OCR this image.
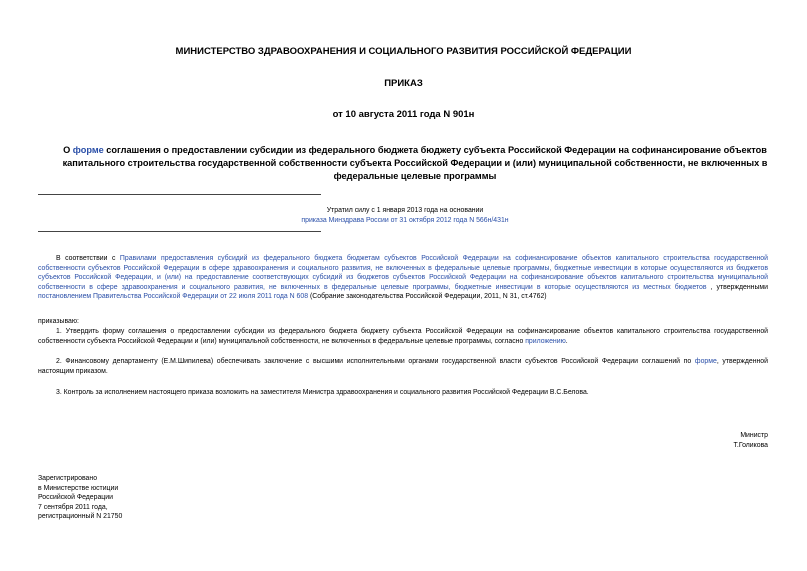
МИНИСТЕРСТВО ЗДРАВООХРАНЕНИЯ И СОЦИАЛЬНОГО РАЗВИТИЯ РОССИЙСКОЙ ФЕДЕРАЦИИ
ПРИКАЗ
от 10 августа 2011 года N 901н
О форме соглашения о предоставлении субсидии из федерального бюджета бюджету субъекта Российской Федерации на софинансирование объектов капитального строительства государственной собственности субъекта Российской Федерации и (или) муниципальной собственности, не включенных в федеральные целевые программы
Утратил силу с 1 января 2013 года на основании
приказа Минздрава России от 31 октября 2012 года N 566н/431н
В соответствии с Правилами предоставления субсидий из федерального бюджета бюджетам субъектов Российской Федерации на софинансирование объектов капитального строительства государственной собственности субъектов Российской Федерации в сфере здравоохранения и социального развития, не включенных в федеральные целевые программы, бюджетные инвестиции в которые осуществляются из бюджетов субъектов Российской Федерации, и (или) на предоставление соответствующих субсидий из бюджетов субъектов Российской Федерации на софинансирование объектов капитального строительства муниципальной собственности в сфере здравоохранения и социального развития, не включенных в федеральные целевые программы, бюджетные инвестиции в которые осуществляются из местных бюджетов , утвержденными постановлением Правительства Российской Федерации от 22 июля 2011 года N 608 (Собрание законодательства Российской Федерации, 2011, N 31, ст.4762)
приказываю:
1. Утвердить форму соглашения о предоставлении субсидии из федерального бюджета бюджету субъекта Российской Федерации на софинансирование объектов капитального строительства государственной собственности субъекта Российской Федерации и (или) муниципальной собственности, не включенных в федеральные целевые программы, согласно приложению.
2. Финансовому департаменту (Е.М.Шипилева) обеспечивать заключение с высшими исполнительными органами государственной власти субъектов Российской Федерации соглашений по форме, утвержденной настоящим приказом.
3. Контроль за исполнением настоящего приказа возложить на заместителя Министра здравоохранения и социального развития Российской Федерации В.С.Белова.
Министр
Т.Голикова
Зарегистрировано
в Министерстве юстиции
Российской Федерации
7 сентября 2011 года,
регистрационный N 21750
